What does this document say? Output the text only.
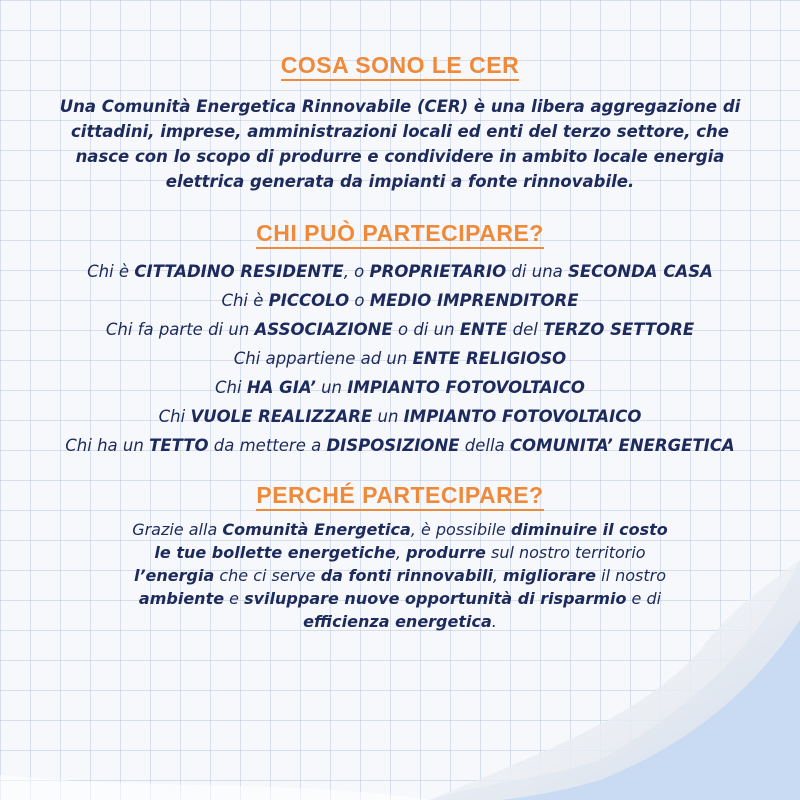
COSA SONO LE CER
Una Comunità Energetica Rinnovabile (CER) è una libera aggregazione di
cittadini, imprese, amministrazioni locali ed enti del terzo settore, che
nasce con lo scopo di produrre e condividere in ambito locale energia
elettrica generata da impianti a fonte rinnovabile.
CHI PUÒ PARTECIPARE?
Chi è CITTADINO RESIDENTE, o PROPRIETARIO di una SECONDA CASA
Chi è PICCOLO o MEDIO IMPRENDITORE
Chi fa parte di un ASSOCIAZIONE o di un ENTE del TERZO SETTORE
Chi appartiene ad un ENTE RELIGIOSO
Chi HA GIA’ un IMPIANTO FOTOVOLTAICO
Chi VUOLE REALIZZARE un IMPIANTO FOTOVOLTAICO
Chi ha un TETTO da mettere a DISPOSIZIONE della COMUNITA’ ENERGETICA
PERCHÉ PARTECIPARE?
Grazie alla Comunità Energetica, è possibile diminuire il costo
le tue bollette energetiche, produrre sul nostro territorio
l’energia che ci serve da fonti rinnovabili, migliorare il nostro
ambiente e sviluppare nuove opportunità di risparmio e di
efficienza energetica.
